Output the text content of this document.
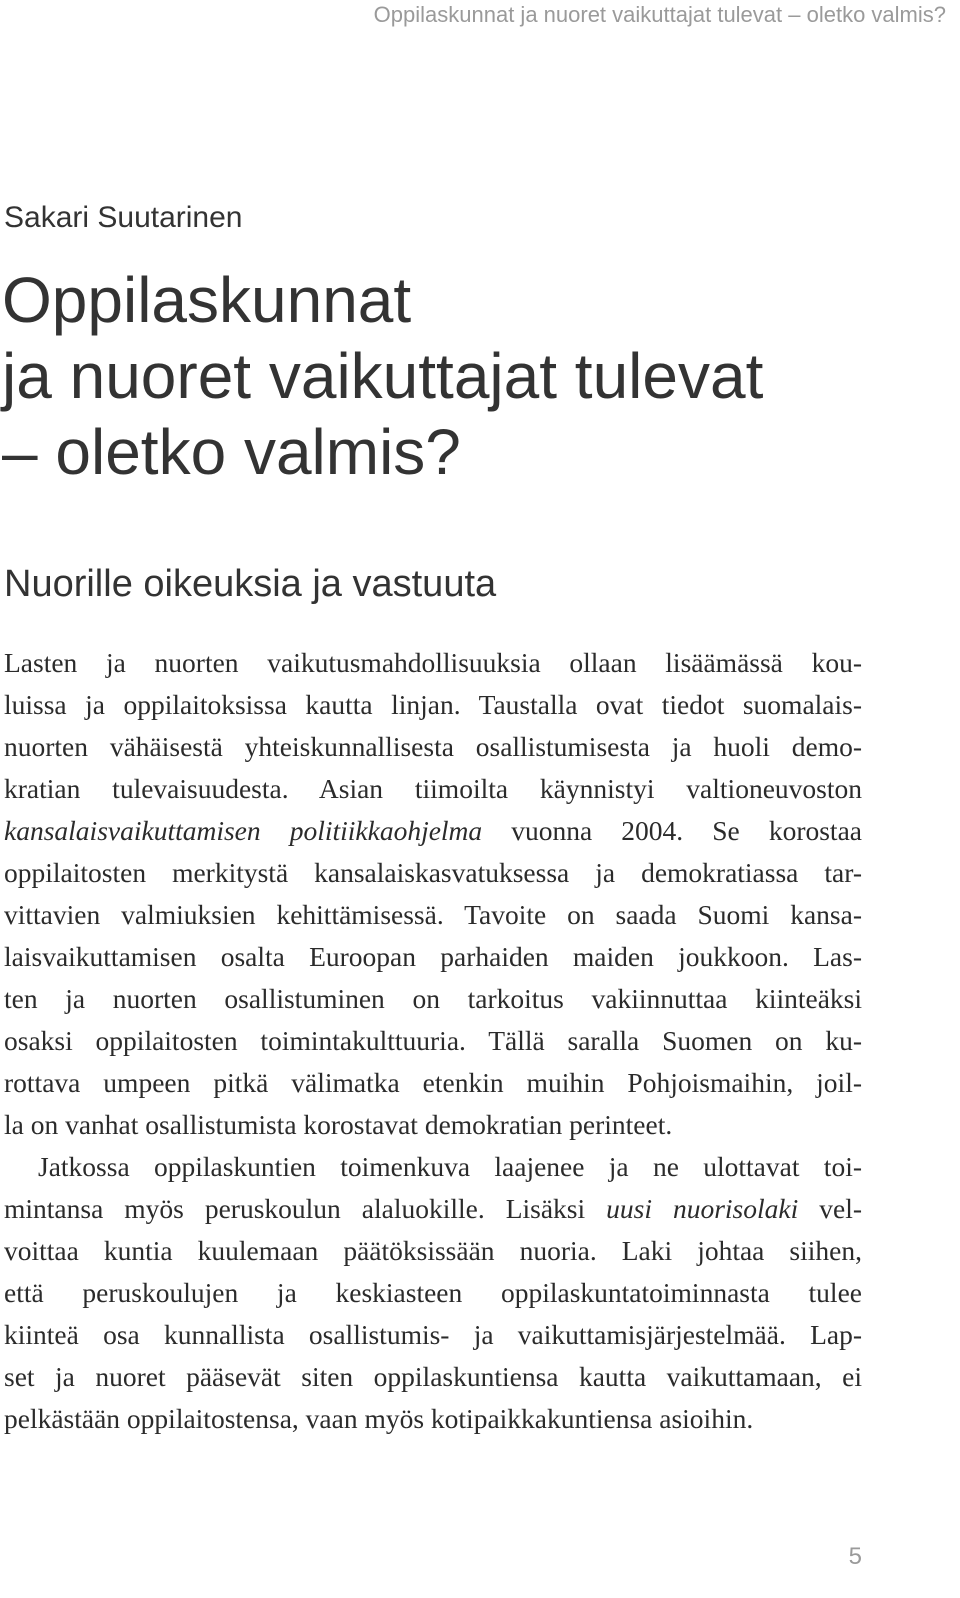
Oppilaskunnat ja nuoret vaikuttajat tulevat – oletko valmis?
Sakari Suutarinen
Oppilaskunnat
ja nuoret vaikuttajat tulevat
– oletko valmis?
Nuorille oikeuksia ja vastuuta
Lasten ja nuorten vaikutusmahdollisuuksia ollaan lisäämässä kou-
luissa ja oppilaitoksissa kautta linjan. Taustalla ovat tiedot suomalais-
nuorten vähäisestä yhteiskunnallisesta osallistumisesta ja huoli demo-
kratian tulevaisuudesta. Asian tiimoilta käynnistyi valtioneuvoston
kansalaisvaikuttamisen politiikkaohjelma vuonna 2004. Se korostaa
oppilaitosten merkitystä kansalaiskasvatuksessa ja demokratiassa tar-
vittavien valmiuksien kehittämisessä. Tavoite on saada Suomi kansa-
laisvaikuttamisen osalta Euroopan parhaiden maiden joukkoon. Las-
ten ja nuorten osallistuminen on tarkoitus vakiinnuttaa kiinteäksi
osaksi oppilaitosten toimintakulttuuria. Tällä saralla Suomen on ku-
rottava umpeen pitkä välimatka etenkin muihin Pohjoismaihin, joil-
la on vanhat osallistumista korostavat demokratian perinteet.
Jatkossa oppilaskuntien toimenkuva laajenee ja ne ulottavat toi-
mintansa myös peruskoulun alaluokille. Lisäksi uusi nuorisolaki vel-
voittaa kuntia kuulemaan päätöksissään nuoria. Laki johtaa siihen,
että peruskoulujen ja keskiasteen oppilaskuntatoiminnasta tulee
kiinteä osa kunnallista osallistumis- ja vaikuttamisjärjestelmää. Lap-
set ja nuoret pääsevät siten oppilaskuntiensa kautta vaikuttamaan, ei
pelkästään oppilaitostensa, vaan myös kotipaikkakuntiensa asioihin.
5
